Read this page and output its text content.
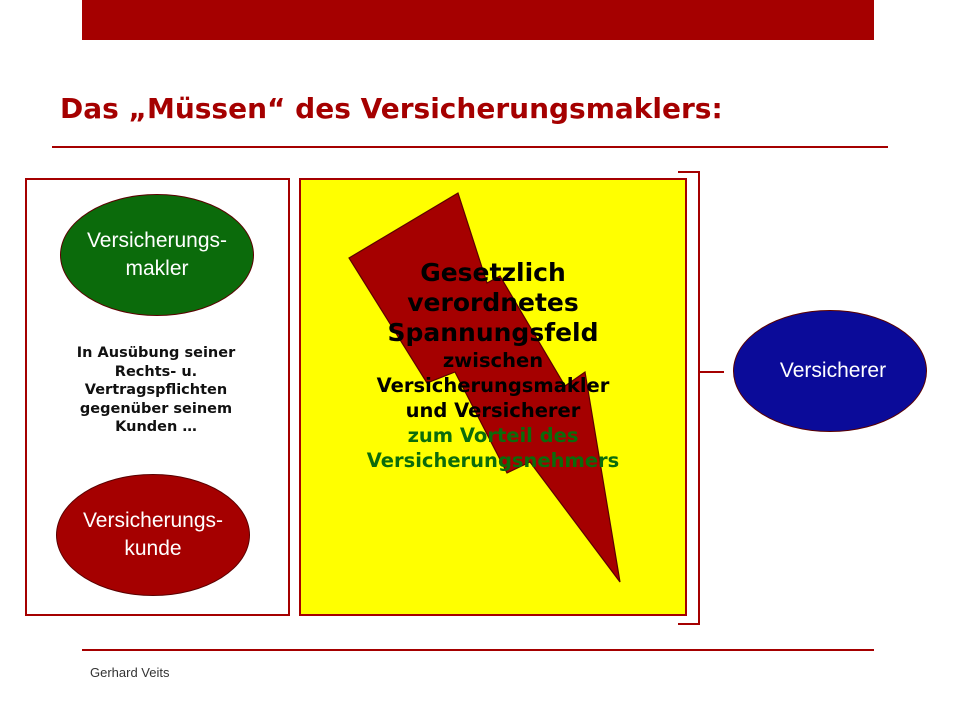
Das „Müssen“ des Versicherungsmaklers:
Versicherungs-
makler

In Ausübung seiner
Rechts- u.
Vertragspflichten
gegenüber seinem
Kunden …

Versicherungs-
kunde

Gesetzlich
verordnetes
Spannungsfeld
zwischen
Versicherungsmakler
und Versicherer
zum Vorteil des
Versicherungsnehmers

Versicherer

Gerhard Veits
